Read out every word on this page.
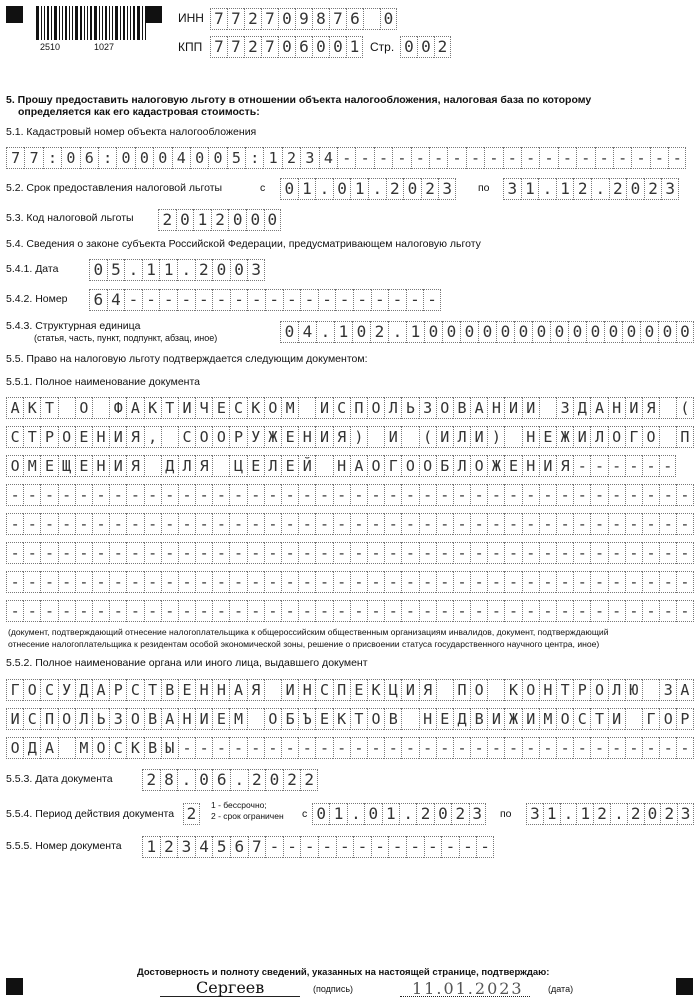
2510	1027
ИНН 7 7 2 7 0 9 8 7 6
0
КПП 7 7 2 7 0 6 0 0 1 Стр. 0 0 2
5. Прошу предоставить налоговую льготу в отношении объекта налогообложения, налоговая база по которому
определяется как его кадастровая стоимость:
5.1. Кадастровый номер объекта налогообложения
7 7 : 0 6 : 0 0 0 4 0 0 5 : 1 2 3 4 - - - - - - - - - - - - - - - - - - -
5.2. Срок предоставления налоговой льготы	с 0 1 . 0 1 . 2 0 2 3	по 3 1 . 1 2 . 2 0 2 3
5.3. Код налоговой льготы 2 0 1 2 0 0 0
5.4. Сведения о законе субъекта Российской Федерации, предусматривающем налоговую льготу
5.4.1. Дата 0 5 . 1 1 . 2 0 0 3
5.4.2. Номер 6 4 - - - - - - - - - - - - - - - - - -
5.4.3. Структурная единица
(статья, часть, пункт, подпункт, абзац, иное)	0 4 . 1 0 2 . 1 0 0 0 0 0 0 0 0 0 0 0 0 0 0 0
5.5. Право на налоговую льготу подтверждается следующим документом:
5.5.1. Полное наименование документа
А К Т
	О
	Ф А К Т И Ч Е С К О М
	И С П О Л Ь З О В А Н И И
	З Д А Н И Я
(
С Т Р О Е Н И Я ,
	С О О Р У Ж Е Н И Я )
	И
	( И Л И )
	Н Е Ж И Л О Г О
П
О М Е Щ Е Н И Я
	Д Л Я
	Ц Е Л Е Й
	Н А О Г О О Б Л О Ж Е Н И Я - - - - - -
- - - - - - - - - - - - - - - - - - - - - - - - - - - - - - - - - - - - - - - -
- - - - - - - - - - - - - - - - - - - - - - - - - - - - - - - - - - - - - - - -
- - - - - - - - - - - - - - - - - - - - - - - - - - - - - - - - - - - - - - - -
- - - - - - - - - - - - - - - - - - - - - - - - - - - - - - - - - - - - - - - -
- - - - - - - - - - - - - - - - - - - - - - - - - - - - - - - - - - - - - - - -
(документ, подтверждающий отнесение налогоплательщика к общероссийским общественным организациям инвалидов, документ, подтверждающий
отнесение налогоплательщика к резидентам особой экономической зоны, решение о присвоении статуса государственного научного центра, иное)
5.5.2. Полное наименование органа или иного лица, выдавшего документ
Г О С У Д А Р С Т В Е Н Н А Я
	И Н С П Е К Ц И Я
	П О
	К О Н Т Р О Л Ю
	З А
И С П О Л Ь З О В А Н И Е М
	О Б Ъ Е К Т О В
	Н Е Д В И Ж И М О С Т И
	Г О Р
О Д А
	М О С К В Ы - - - - - - - - - - - - - - - - - - - - - - - - - - - - - -
5.5.3. Дата документа 2 8 . 0 6 . 2 0 2 2
5.5.4. Период действия документа 2	1 - бессрочно;
2 - срок ограничен с 0 1 . 0 1 . 2 0 2 3	по 3 1 . 1 2 . 2 0 2 3
5.5.5. Номер документа 1 2 3 4 5 6 7 - - - - - - - - - - - - -
Достоверность и полноту сведений, указанных на настоящей странице, подтверждаю:
Сергеев	(подпись)	11.01.2023	(дата)
